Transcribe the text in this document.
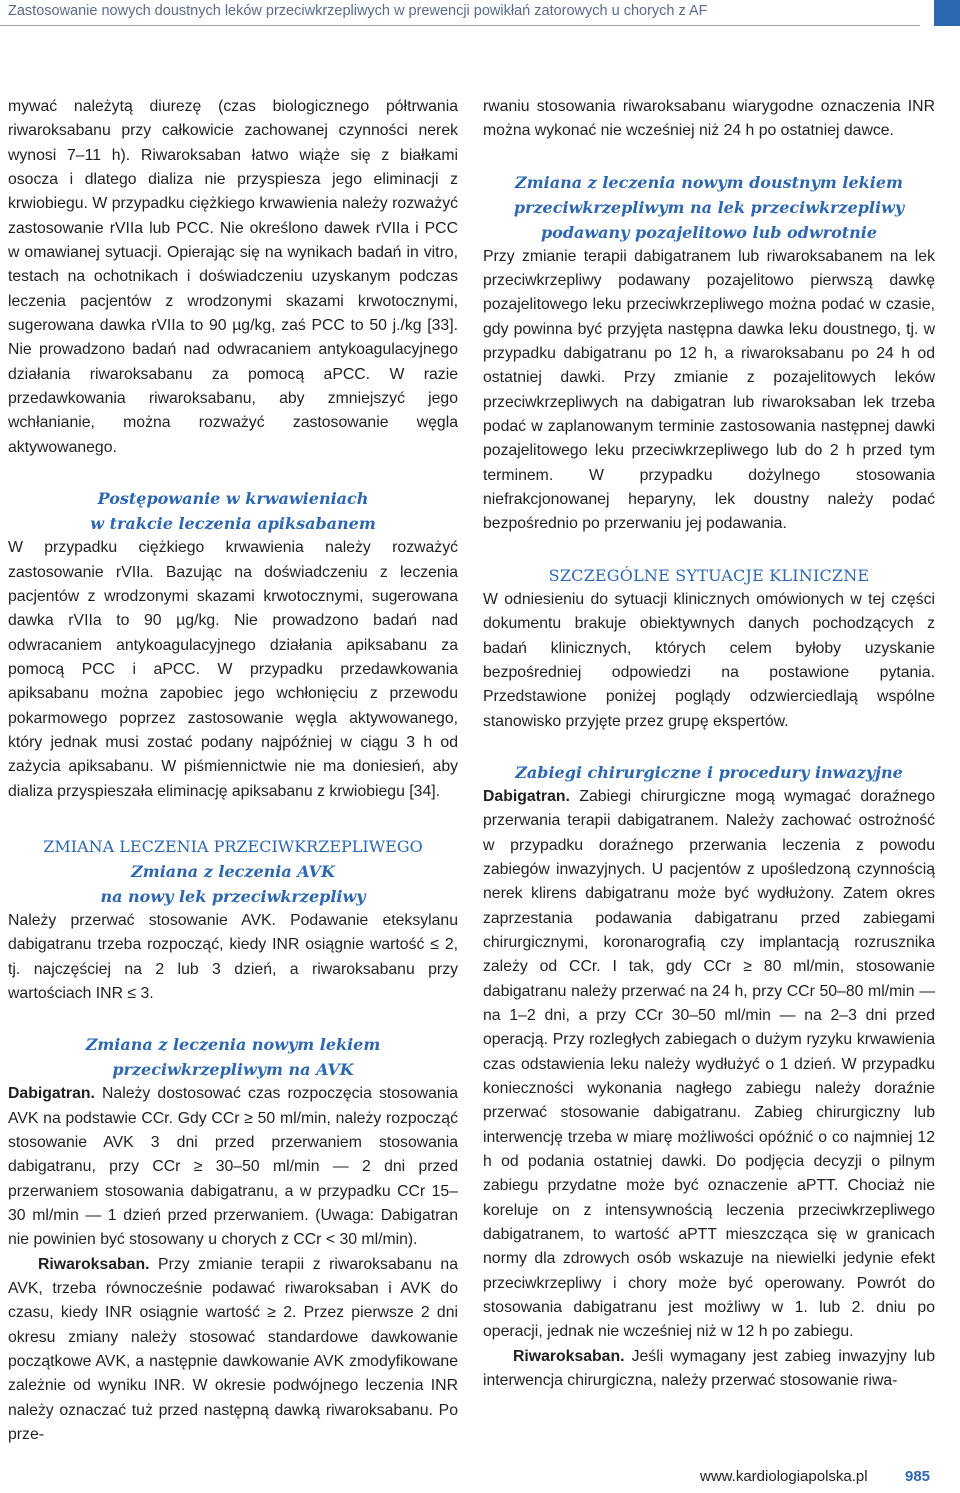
Zastosowanie nowych doustnych leków przeciwkrzepliwych w prewencji powikłań zatorowych u chorych z AF

mywać należytą diurezę (czas biologicznego półtrwania riwaroksabanu przy całkowicie zachowanej czynności nerek wynosi 7–11 h). Riwaroksaban łatwo wiąże się z białkami osocza i dlatego dializa nie przyspiesza jego eliminacji z krwiobiegu. W przypadku ciężkiego krwawienia należy rozważyć zastosowanie rVIIa lub PCC. Nie określono dawek rVIIa i PCC w omawianej sytuacji. Opierając się na wynikach badań in vitro, testach na ochotnikach i doświadczeniu uzyskanym podczas leczenia pacjentów z wrodzonymi skazami krwotocznymi, sugerowana dawka rVIIa to 90 µg/kg, zaś PCC to 50 j./kg [33]. Nie prowadzono badań nad odwracaniem antykoagulacyjnego działania riwaroksabanu za pomocą aPCC. W razie przedawkowania riwaroksabanu, aby zmniejszyć jego wchłanianie, można rozważyć zastosowanie węgla aktywowanego.

Postępowanie w krwawieniach
w trakcie leczenia apiksabanem

W przypadku ciężkiego krwawienia należy rozważyć zastosowanie rVIIa. Bazując na doświadczeniu z leczenia pacjentów z wrodzonymi skazami krwotocznymi, sugerowana dawka rVIIa to 90 µg/kg. Nie prowadzono badań nad odwracaniem antykoagulacyjnego działania apiksabanu za pomocą PCC i aPCC. W przypadku przedawkowania apiksabanu można zapobiec jego wchłonięciu z przewodu pokarmowego poprzez zastosowanie węgla aktywowanego, który jednak musi zostać podany najpóźniej w ciągu 3 h od zażycia apiksabanu. W piśmiennictwie nie ma doniesień, aby dializa przyspieszała eliminację apiksabanu z krwiobiegu [34].

ZMIANA LECZENIA PRZECIWKRZEPLIWEGO
Zmiana z leczenia AVK
na nowy lek przeciwkrzepliwy

Należy przerwać stosowanie AVK. Podawanie eteksylanu dabigatranu trzeba rozpocząć, kiedy INR osiągnie wartość ≤ 2, tj. najczęściej na 2 lub 3 dzień, a riwaroksabanu przy wartościach INR ≤ 3.

Zmiana z leczenia nowym lekiem
przeciwkrzepliwym na AVK

Dabigatran. Należy dostosować czas rozpoczęcia stosowania AVK na podstawie CCr. Gdy CCr ≥ 50 ml/min, należy rozpocząć stosowanie AVK 3 dni przed przerwaniem stosowania dabigatranu, przy CCr ≥ 30–50 ml/min — 2 dni przed przerwaniem stosowania dabigatranu, a w przypadku CCr 15–30 ml/min — 1 dzień przed przerwaniem. (Uwaga: Dabigatran nie powinien być stosowany u chorych z CCr < 30 ml/min).

Riwaroksaban. Przy zmianie terapii z riwaroksabanu na AVK, trzeba równocześnie podawać riwaroksaban i AVK do czasu, kiedy INR osiągnie wartość ≥ 2. Przez pierwsze 2 dni okresu zmiany należy stosować standardowe dawkowanie początkowe AVK, a następnie dawkowanie AVK zmodyfikowane zależnie od wyniku INR. W okresie podwójnego leczenia INR należy oznaczać tuż przed następną dawką riwaroksabanu. Po prze-

rwaniu stosowania riwaroksabanu wiarygodne oznaczenia INR można wykonać nie wcześniej niż 24 h po ostatniej dawce.

Zmiana z leczenia nowym doustnym lekiem
przeciwkrzepliwym na lek przeciwkrzepliwy
podawany pozajelitowo lub odwrotnie

Przy zmianie terapii dabigatranem lub riwaroksabanem na lek przeciwkrzepliwy podawany pozajelitowo pierwszą dawkę pozajelitowego leku przeciwkrzepliwego można podać w czasie, gdy powinna być przyjęta następna dawka leku doustnego, tj. w przypadku dabigatranu po 12 h, a riwaroksabanu po 24 h od ostatniej dawki. Przy zmianie z pozajelitowych leków przeciwkrzepliwych na dabigatran lub riwaroksaban lek trzeba podać w zaplanowanym terminie zastosowania następnej dawki pozajelitowego leku przeciwkrzepliwego lub do 2 h przed tym terminem. W przypadku dożylnego stosowania niefrakcjonowanej heparyny, lek doustny należy podać bezpośrednio po przerwaniu jej podawania.

SZCZEGÓLNE SYTUACJE KLINICZNE

W odniesieniu do sytuacji klinicznych omówionych w tej części dokumentu brakuje obiektywnych danych pochodzących z badań klinicznych, których celem byłoby uzyskanie bezpośredniej odpowiedzi na postawione pytania. Przedstawione poniżej poglądy odzwierciedlają wspólne stanowisko przyjęte przez grupę ekspertów.

Zabiegi chirurgiczne i procedury inwazyjne

Dabigatran. Zabiegi chirurgiczne mogą wymagać doraźnego przerwania terapii dabigatranem. Należy zachować ostrożność w przypadku doraźnego przerwania leczenia z powodu zabiegów inwazyjnych. U pacjentów z upośledzoną czynnością nerek klirens dabigatranu może być wydłużony. Zatem okres zaprzestania podawania dabigatranu przed zabiegami chirurgicznymi, koronarografią czy implantacją rozrusznika zależy od CCr. I tak, gdy CCr ≥ 80 ml/min, stosowanie dabigatranu należy przerwać na 24 h, przy CCr 50–80 ml/min — na 1–2 dni, a przy CCr 30–50 ml/min — na 2–3 dni przed operacją. Przy rozległych zabiegach o dużym ryzyku krwawienia czas odstawienia leku należy wydłużyć o 1 dzień. W przypadku konieczności wykonania nagłego zabiegu należy doraźnie przerwać stosowanie dabigatranu. Zabieg chirurgiczny lub interwencję trzeba w miarę możliwości opóźnić o co najmniej 12 h od podania ostatniej dawki. Do podjęcia decyzji o pilnym zabiegu przydatne może być oznaczenie aPTT. Chociaż nie koreluje on z intensywnością leczenia przeciwkrzepliwego dabigatranem, to wartość aPTT mieszcząca się w granicach normy dla zdrowych osób wskazuje na niewielki jedynie efekt przeciwkrzepliwy i chory może być operowany. Powrót do stosowania dabigatranu jest możliwy w 1. lub 2. dniu po operacji, jednak nie wcześniej niż w 12 h po zabiegu.

Riwaroksaban. Jeśli wymagany jest zabieg inwazyjny lub interwencja chirurgiczna, należy przerwać stosowanie riwa-

www.kardiologiapolska.pl 985
